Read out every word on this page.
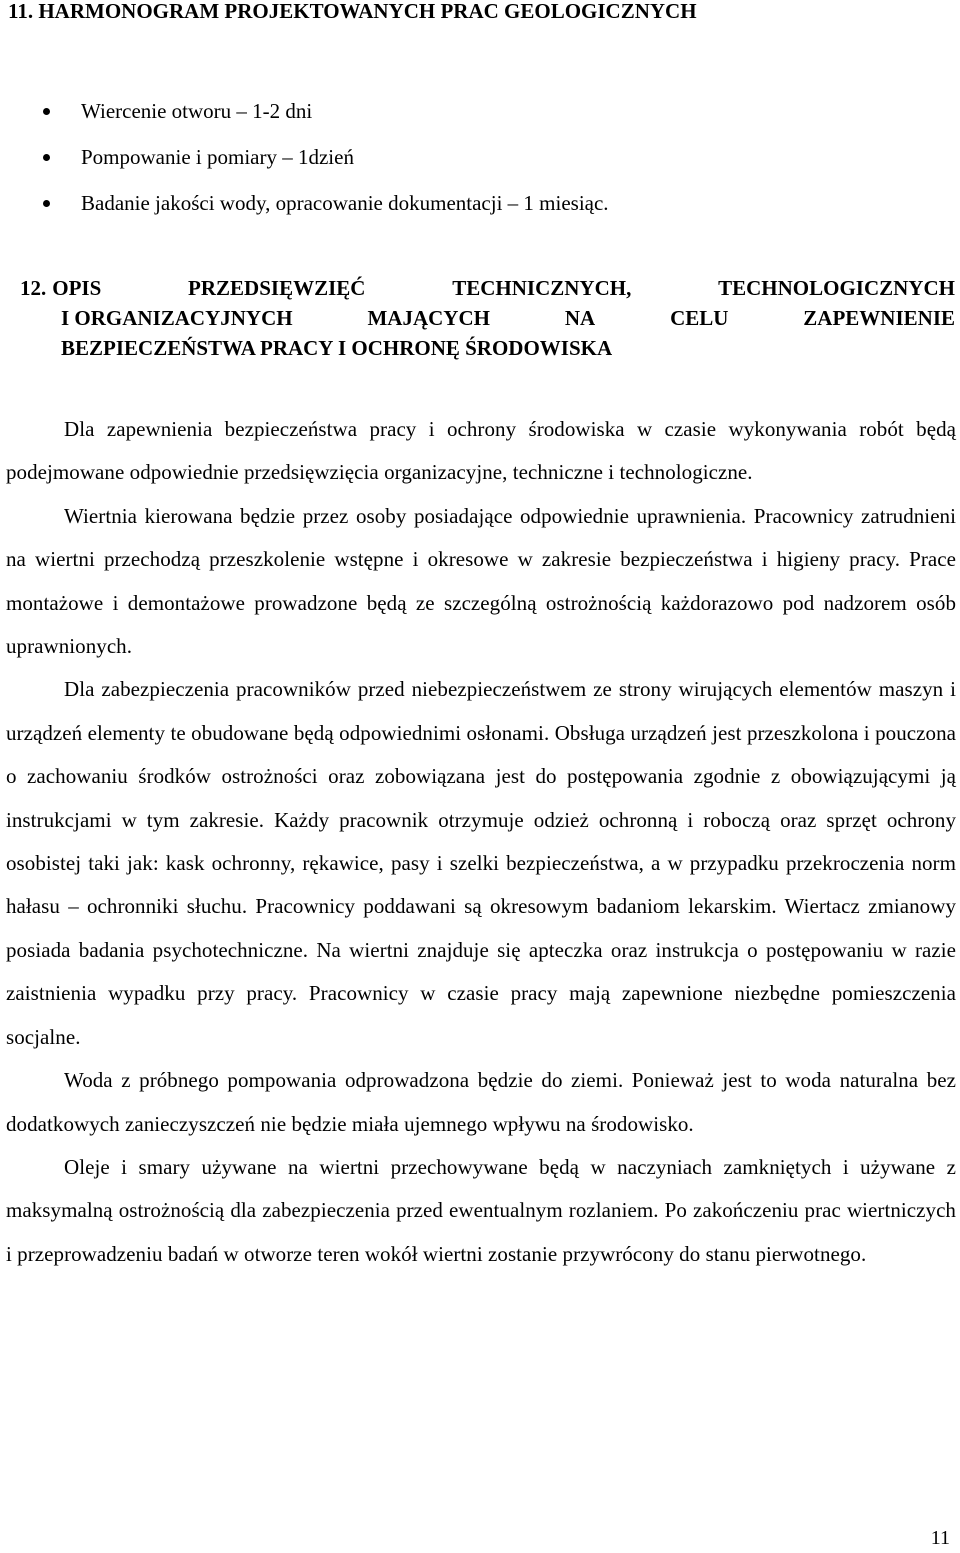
11. HARMONOGRAM PROJEKTOWANYCH PRAC GEOLOGICZNYCH
Wiercenie otworu – 1-2 dni
Pompowanie i pomiary – 1dzień
Badanie jakości wody, opracowanie dokumentacji – 1 miesiąc.
12. OPIS	PRZEDSIĘWZIĘĆ	TECHNICZNYCH,	TECHNOLOGICZNYCH
I ORGANIZACYJNYCH	MAJĄCYCH	NA	CELU	ZAPEWNIENIE
BEZPIECZEŃSTWA PRACY I OCHRONĘ ŚRODOWISKA

Dla zapewnienia bezpieczeństwa pracy i ochrony środowiska w czasie wykonywania robót będą podejmowane odpowiednie przedsięwzięcia organizacyjne, techniczne i technologiczne.

Wiertnia kierowana będzie przez osoby posiadające odpowiednie uprawnienia. Pracownicy zatrudnieni na wiertni przechodzą przeszkolenie wstępne i okresowe w zakresie bezpieczeństwa i higieny pracy. Prace montażowe i demontażowe prowadzone będą ze szczególną ostrożnością każdorazowo pod nadzorem osób uprawnionych.

Dla zabezpieczenia pracowników przed niebezpieczeństwem ze strony wirujących elementów maszyn i urządzeń elementy te obudowane będą odpowiednimi osłonami. Obsługa urządzeń jest przeszkolona i pouczona o zachowaniu środków ostrożności oraz zobowiązana jest do postępowania zgodnie z obowiązującymi ją instrukcjami w tym zakresie. Każdy pracownik otrzymuje odzież ochronną i roboczą oraz sprzęt ochrony osobistej taki jak: kask ochronny, rękawice, pasy i szelki bezpieczeństwa, a w przypadku przekroczenia norm hałasu – ochronniki słuchu. Pracownicy poddawani są okresowym badaniom lekarskim. Wiertacz zmianowy posiada badania psychotechniczne. Na wiertni znajduje się apteczka oraz instrukcja o postępowaniu w razie zaistnienia wypadku przy pracy. Pracownicy w czasie pracy mają zapewnione niezbędne pomieszczenia socjalne.

Woda z próbnego pompowania odprowadzona będzie do ziemi. Ponieważ jest to woda naturalna bez dodatkowych zanieczyszczeń nie będzie miała ujemnego wpływu na środowisko.

Oleje i smary używane na wiertni przechowywane będą w naczyniach zamkniętych i używane z maksymalną ostrożnością dla zabezpieczenia przed ewentualnym rozlaniem. Po zakończeniu prac wiertniczych i przeprowadzeniu badań w otworze teren wokół wiertni zostanie przywrócony do stanu pierwotnego.

11
